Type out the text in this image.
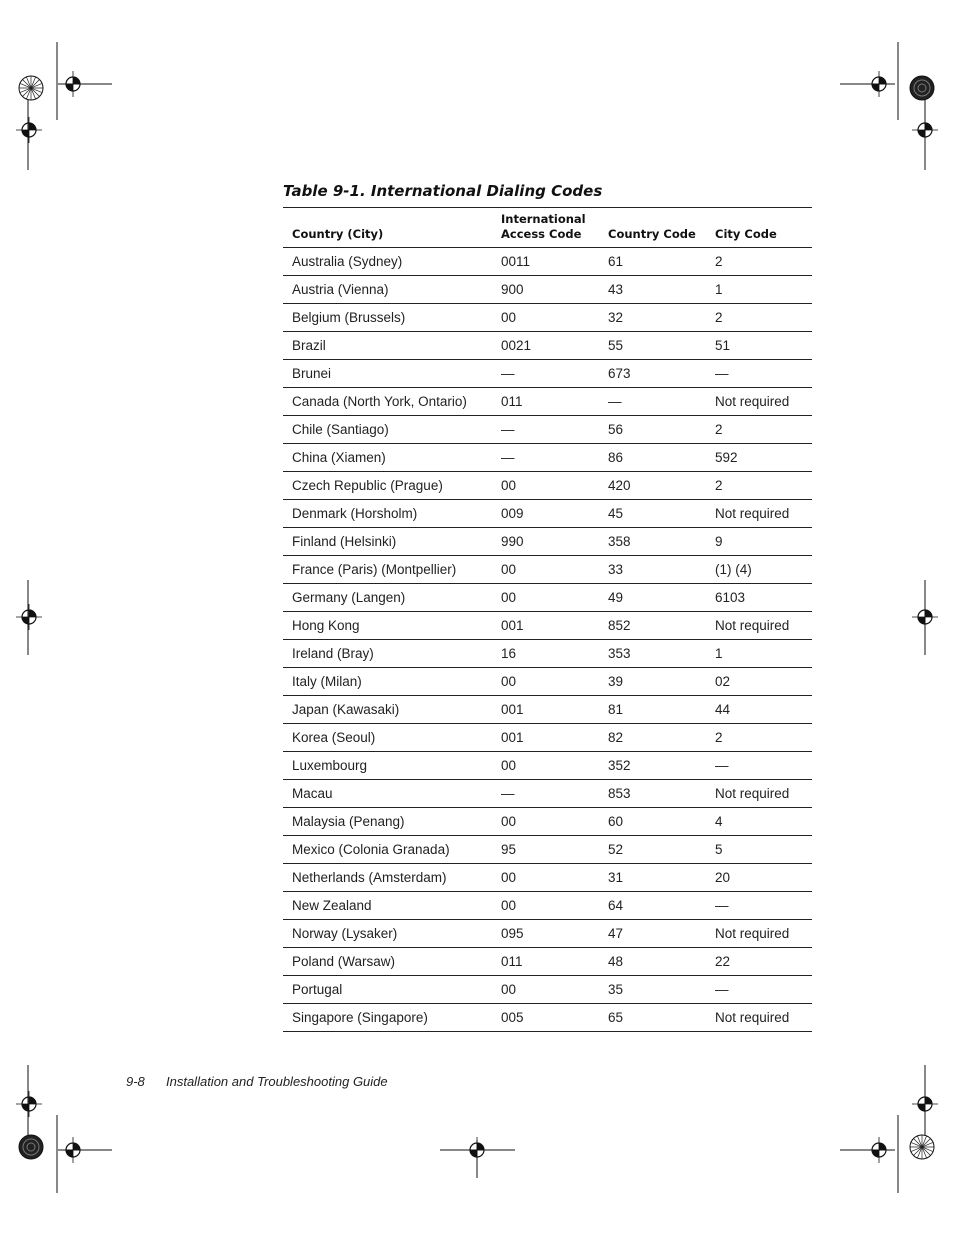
Table 9-1. International Dialing Codes
Country (City)	International Access Code	Country Code	City Code
Australia (Sydney)	0011	61	2
Austria (Vienna)	900	43	1
Belgium (Brussels)	00	32	2
Brazil	0021	55	51
Brunei	—	673	—
Canada (North York, Ontario)	011	—	Not required
Chile (Santiago)	—	56	2
China (Xiamen)	—	86	592
Czech Republic (Prague)	00	420	2
Denmark (Horsholm)	009	45	Not required
Finland (Helsinki)	990	358	9
France (Paris) (Montpellier)	00	33	(1) (4)
Germany (Langen)	00	49	6103
Hong Kong	001	852	Not required
Ireland (Bray)	16	353	1
Italy (Milan)	00	39	02
Japan (Kawasaki)	001	81	44
Korea (Seoul)	001	82	2
Luxembourg	00	352	—
Macau	—	853	Not required
Malaysia (Penang)	00	60	4
Mexico (Colonia Granada)	95	52	5
Netherlands (Amsterdam)	00	31	20
New Zealand	00	64	—
Norway (Lysaker)	095	47	Not required
Poland (Warsaw)	011	48	22
Portugal	00	35	—
Singapore (Singapore)	005	65	Not required
9-8 Installation and Troubleshooting Guide
